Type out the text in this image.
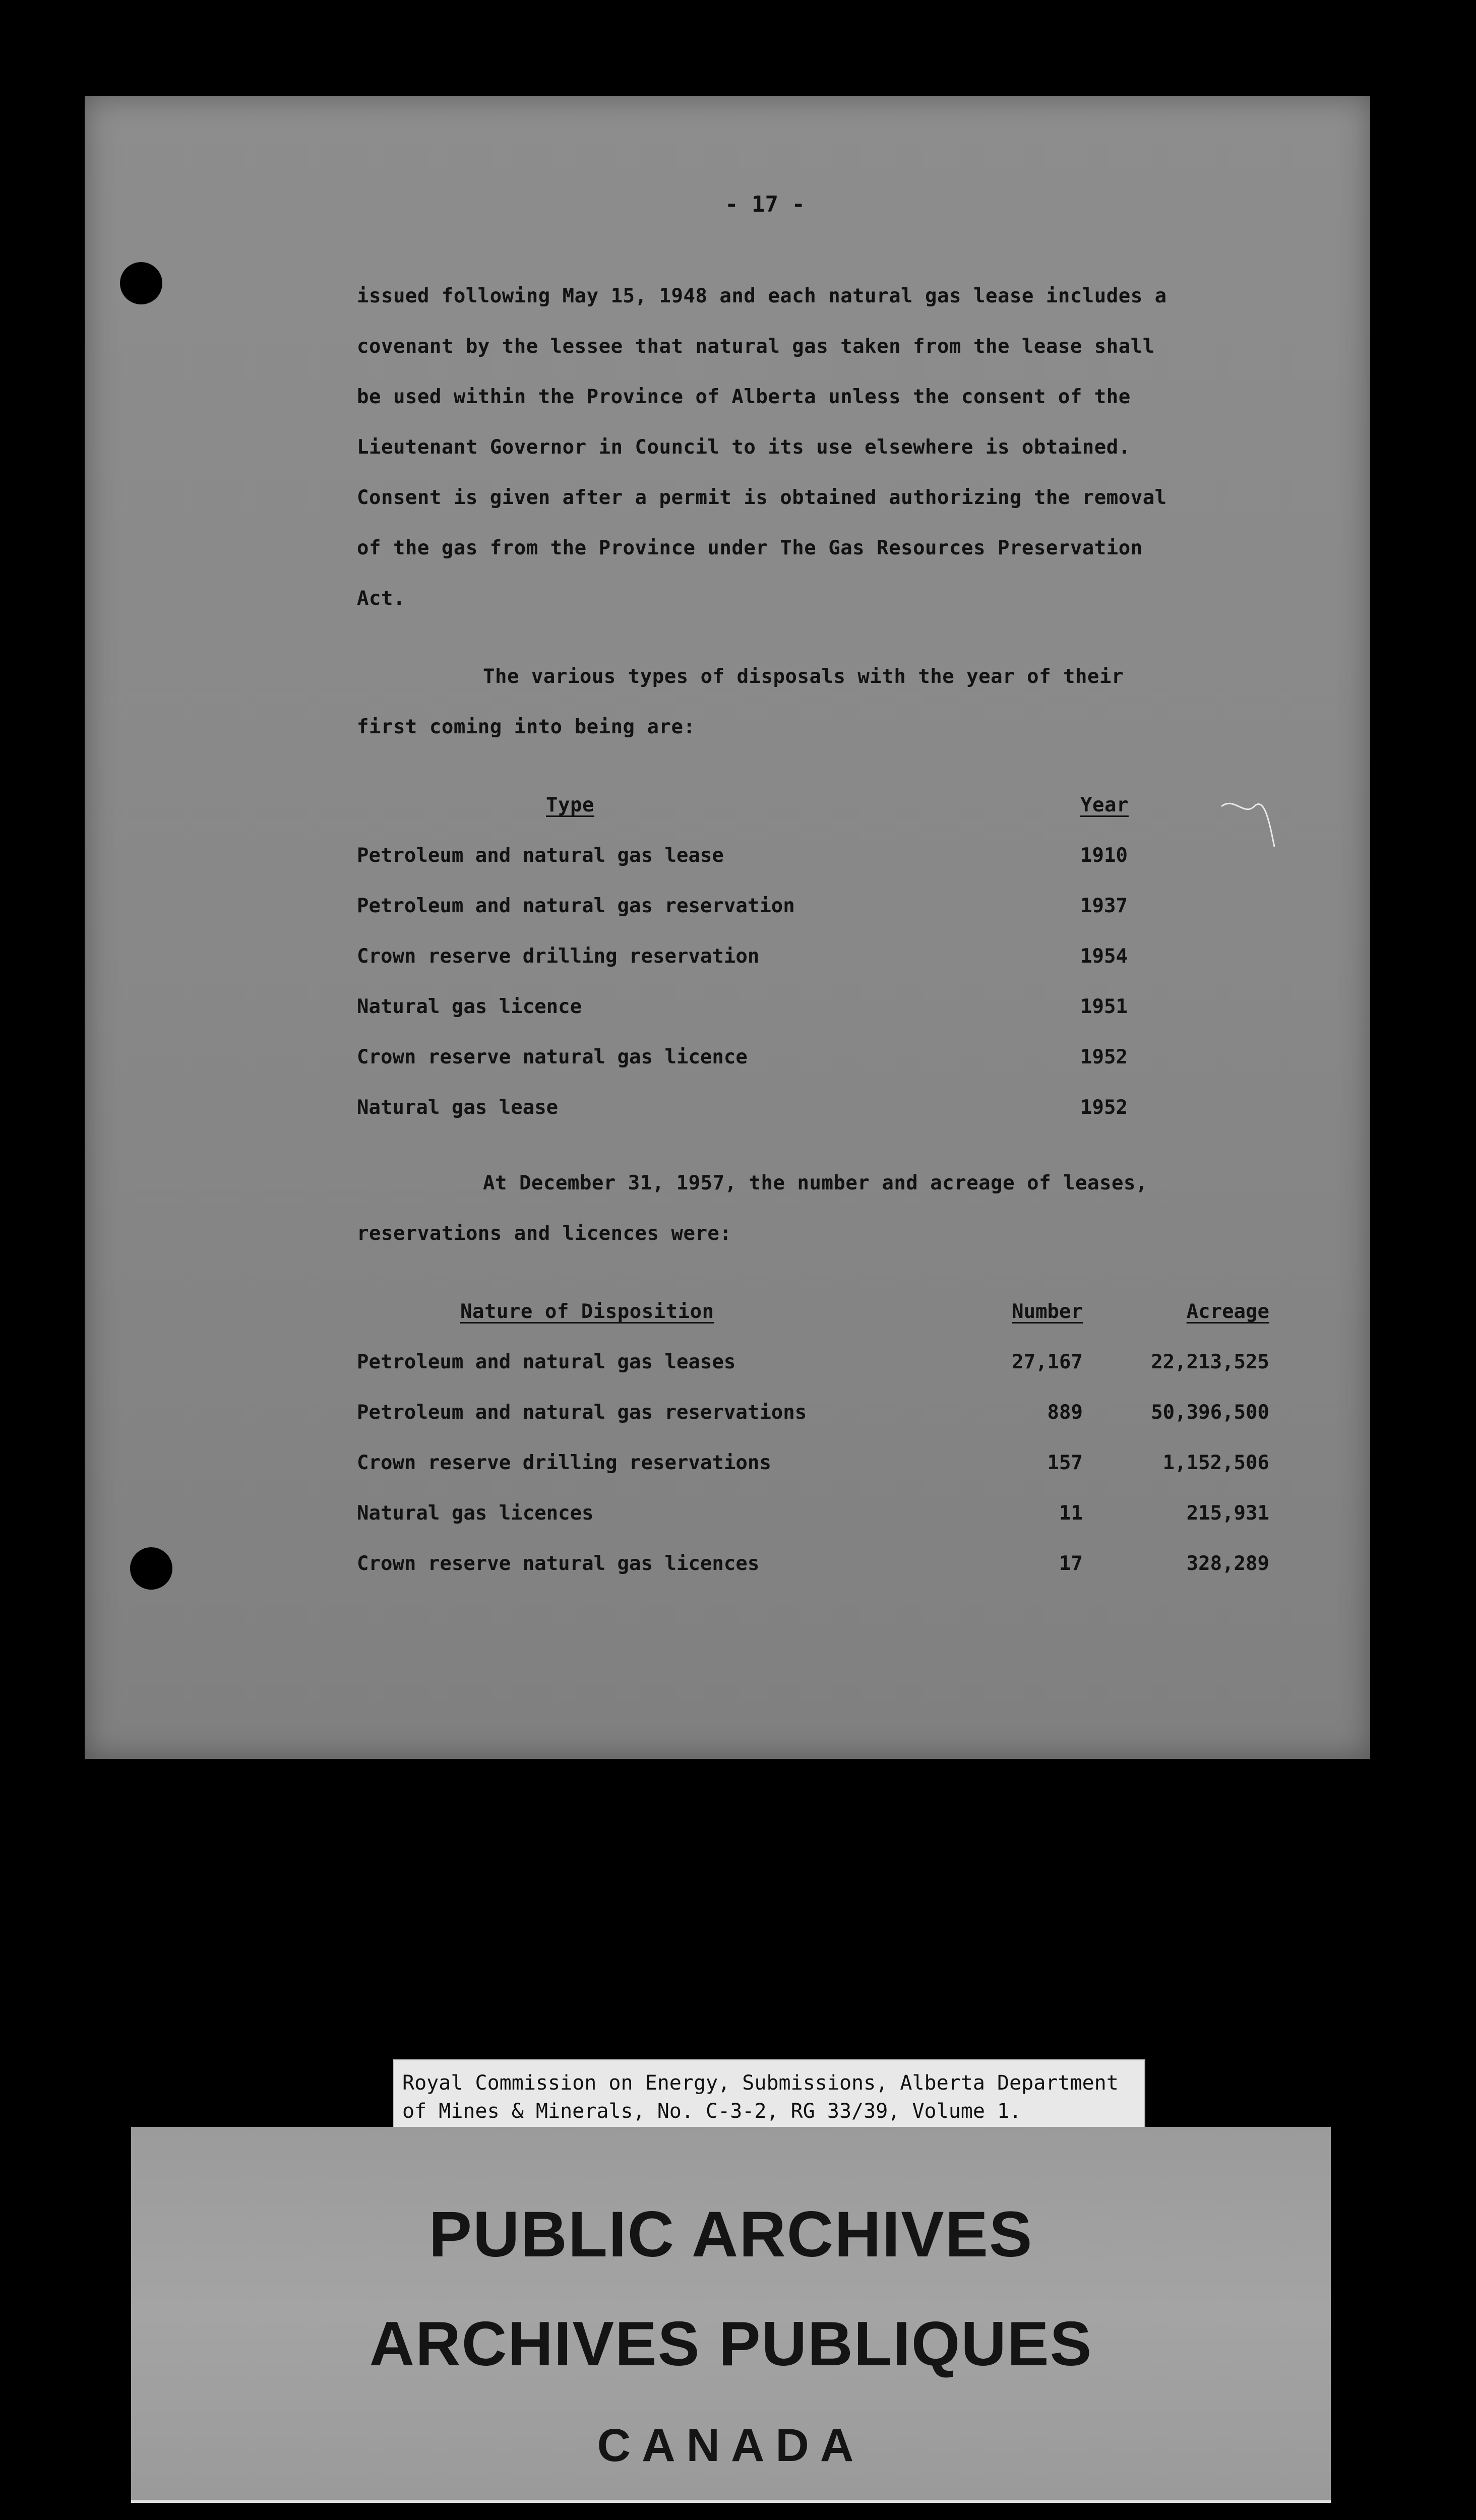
- 17 -
issued following May 15, 1948 and each natural gas lease includes a
covenant by the lessee that natural gas taken from the lease shall
be used within the Province of Alberta unless the consent of the
Lieutenant Governor in Council to its use elsewhere is obtained.
Consent is given after a permit is obtained authorizing the removal
of the gas from the Province under The Gas Resources Preservation
Act.
The various types of disposals with the year of their
first coming into being are:
Type	Year
Petroleum and natural gas lease	1910
Petroleum and natural gas reservation	1937
Crown reserve drilling reservation	1954
Natural gas licence	1951
Crown reserve natural gas licence	1952
Natural gas lease	1952
At December 31, 1957, the number and acreage of leases,
reservations and licences were:
Nature of Disposition	Number	Acreage
Petroleum and natural gas leases	27,167	22,213,525
Petroleum and natural gas reservations	889	50,396,500
Crown reserve drilling reservations	157	1,152,506
Natural gas licences	11	215,931
Crown reserve natural gas licences	17	328,289
Royal Commission on Energy, Submissions, Alberta Department
of Mines & Minerals, No. C-3-2, RG 33/39, Volume 1.
PUBLIC ARCHIVES
ARCHIVES PUBLIQUES
CANADA
